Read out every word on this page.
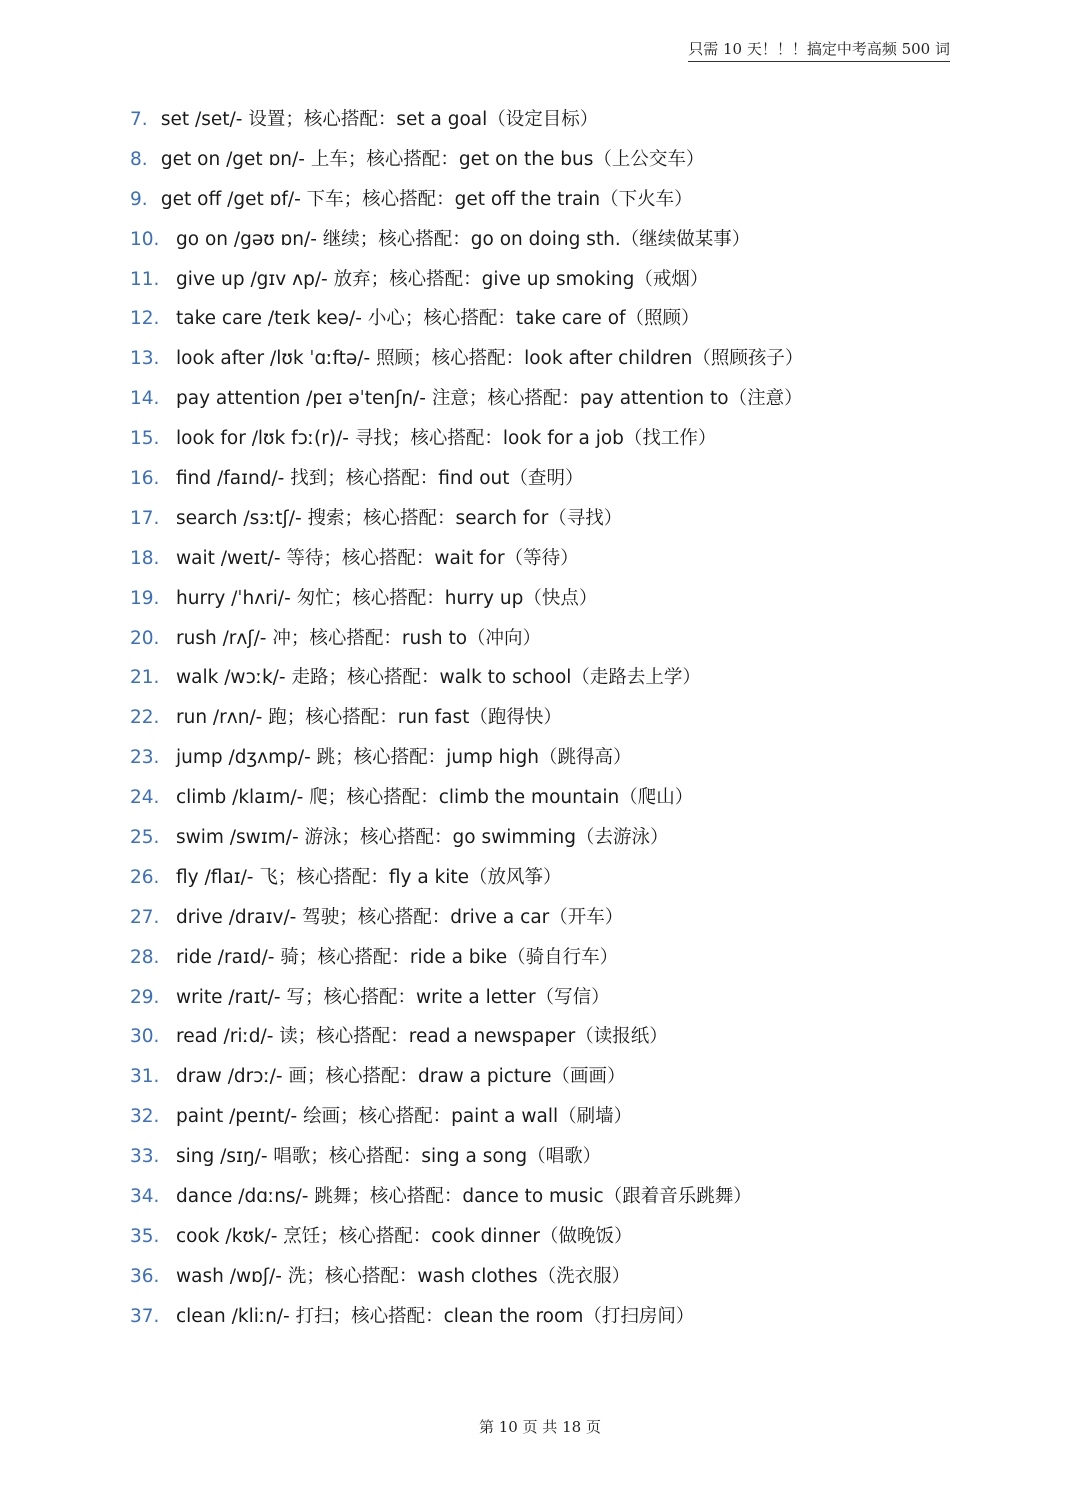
只需 10 天！！！搞定中考高频 500 词
7. set /set/- 设置；核心搭配：set a goal（设定目标）
8. get on /get ɒn/- 上车；核心搭配：get on the bus（上公交车）
9. get off /get ɒf/- 下车；核心搭配：get off the train（下火车）
10. go on /gəʊ ɒn/- 继续；核心搭配：go on doing sth.（继续做某事）
11. give up /gɪv ʌp/- 放弃；核心搭配：give up smoking（戒烟）
12. take care /teɪk keə/- 小心；核心搭配：take care of（照顾）
13. look after /lʊk ˈɑːftə/- 照顾；核心搭配：look after children（照顾孩子）
14. pay attention /peɪ əˈtenʃn/- 注意；核心搭配：pay attention to（注意）
15. look for /lʊk fɔː(r)/- 寻找；核心搭配：look for a job（找工作）
16. find /faɪnd/- 找到；核心搭配：find out（查明）
17. search /sɜːtʃ/- 搜索；核心搭配：search for（寻找）
18. wait /weɪt/- 等待；核心搭配：wait for（等待）
19. hurry /ˈhʌri/- 匆忙；核心搭配：hurry up（快点）
20. rush /rʌʃ/- 冲；核心搭配：rush to（冲向）
21. walk /wɔːk/- 走路；核心搭配：walk to school（走路去上学）
22. run /rʌn/- 跑；核心搭配：run fast（跑得快）
23. jump /dʒʌmp/- 跳；核心搭配：jump high（跳得高）
24. climb /klaɪm/- 爬；核心搭配：climb the mountain（爬山）
25. swim /swɪm/- 游泳；核心搭配：go swimming（去游泳）
26. fly /flaɪ/- 飞；核心搭配：fly a kite（放风筝）
27. drive /draɪv/- 驾驶；核心搭配：drive a car（开车）
28. ride /raɪd/- 骑；核心搭配：ride a bike（骑自行车）
29. write /raɪt/- 写；核心搭配：write a letter（写信）
30. read /riːd/- 读；核心搭配：read a newspaper（读报纸）
31. draw /drɔː/- 画；核心搭配：draw a picture（画画）
32. paint /peɪnt/- 绘画；核心搭配：paint a wall（刷墙）
33. sing /sɪŋ/- 唱歌；核心搭配：sing a song（唱歌）
34. dance /dɑːns/- 跳舞；核心搭配：dance to music（跟着音乐跳舞）
35. cook /kʊk/- 烹饪；核心搭配：cook dinner（做晚饭）
36. wash /wɒʃ/- 洗；核心搭配：wash clothes（洗衣服）
37. clean /kliːn/- 打扫；核心搭配：clean the room（打扫房间）
第 10 页 共 18 页
